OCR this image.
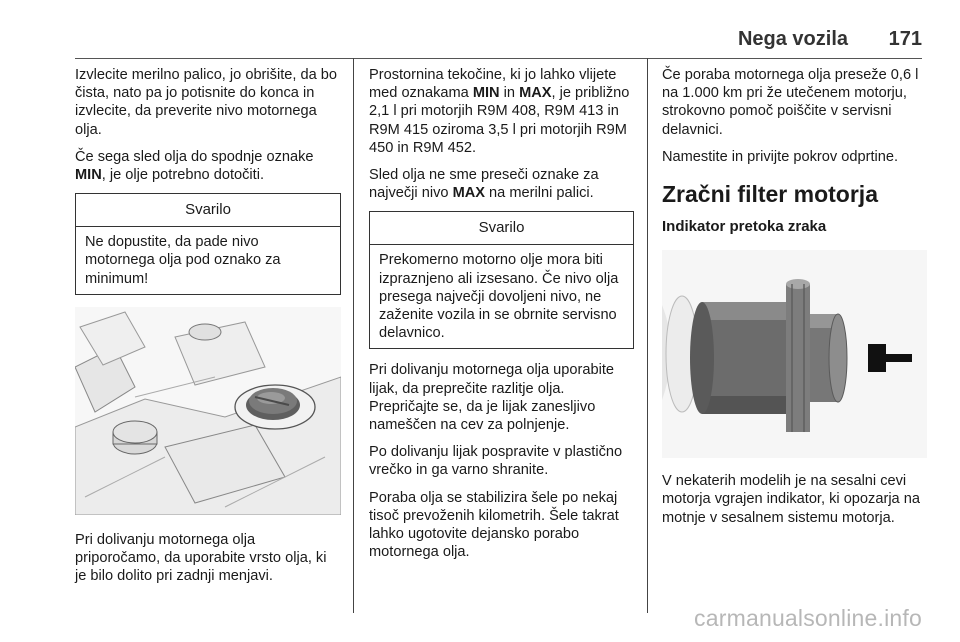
Nega vozila 171

Izvlecite merilno palico, jo obrišite, da bo čista, nato pa jo potisnite do konca in izvlecite, da preverite nivo motornega olja.

Če sega sled olja do spodnje oznake MIN, je olje potrebno dotočiti.

Svarilo
Ne dopustite, da pade nivo motornega olja pod oznako za minimum!

Pri dolivanju motornega olja priporočamo, da uporabite vrsto olja, ki je bilo dolito pri zadnji menjavi.

Prostornina tekočine, ki jo lahko vlijete med oznakama MIN in MAX, je približno 2,1 l pri motorjih R9M 408, R9M 413 in R9M 415 oziroma 3,5 l pri motorjih R9M 450 in R9M 452.

Sled olja ne sme preseči oznake za največji nivo MAX na merilni palici.

Svarilo
Prekomerno motorno olje mora biti izpraznjeno ali izsesano. Če nivo olja presega največji dovoljeni nivo, ne zaženite vozila in se obrnite servisno delavnico.

Pri dolivanju motornega olja uporabite lijak, da preprečite razlitje olja. Prepričajte se, da je lijak zanesljivo nameščen na cev za polnjenje.

Po dolivanju lijak pospravite v plastično vrečko in ga varno shranite.

Poraba olja se stabilizira šele po nekaj tisoč prevoženih kilometrih. Šele takrat lahko ugotovite dejansko porabo motornega olja.

Če poraba motornega olja preseže 0,6 l na 1.000 km pri že utečenem motorju, strokovno pomoč poiščite v servisni delavnici.

Namestite in privijte pokrov odprtine.

Zračni filter motorja
Indikator pretoka zraka

V nekaterih modelih je na sesalni cevi motorja vgrajen indikator, ki opozarja na motnje v sesalnem sistemu motorja.

carmanualsonline.info
